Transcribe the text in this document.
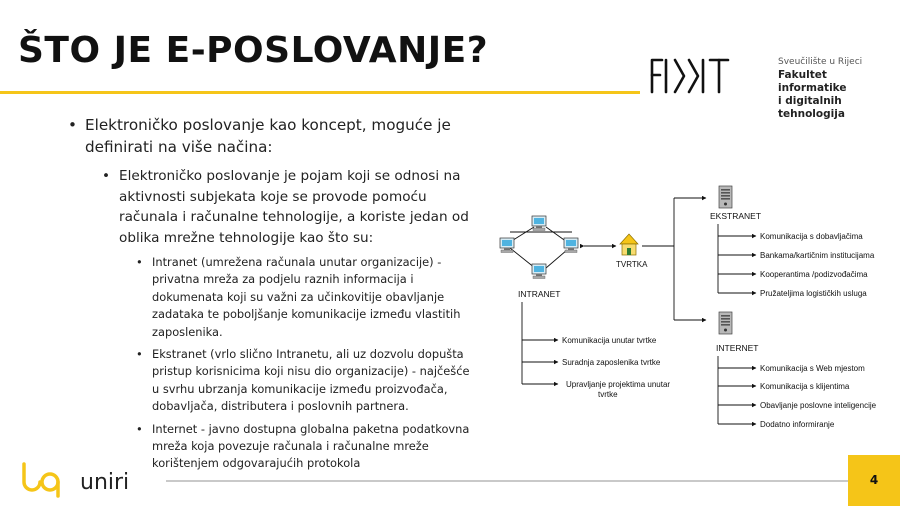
ŠTO JE E-POSLOVANJE?	Sveučilište u Rijeci
Fakultet informatike
i digitalnih tehnologija

• Elektroničko poslovanje kao koncept, moguće je definirati na više načina:

• Elektroničko poslovanje je pojam koji se odnosi na aktivnosti subjekata koje se provode pomoću računala i računalne tehnologije, a koriste jedan od oblika mrežne tehnologije kao što su:

• Intranet (umrežena računala unutar organizacije) - privatna mreža za podjelu raznih informacija i dokumenata koji su važni za učinkovitije obavljanje zadataka te poboljšanje komunikacije između vlastitih zaposlenika.

• Ekstranet (vrlo slično Intranetu, ali uz dozvolu dopušta pristup korisnicima koji nisu dio organizacije) - najčešće u svrhu ubrzanja komunikacije između proizvođača, dobavljača, distributera i poslovnih partnera.

• Internet - javno dostupna globalna paketna podatkovna mreža koja povezuje računala i računalne mreže korištenjem odgovarajućih protokola

INTRANET
TVRTKA
EKSTRANET
Komunikacija s dobavljačima
Bankama/kartičnim institucijama
Kooperantima /podizvođačima
Pružateljima logističkih usluga
INTERNET
Komunikacija s Web mjestom
Komunikacija s klijentima
Obavljanje poslovne inteligencije
Dodatno informiranje
Komunikacija unutar tvrtke
Suradnja zaposlenika tvrtke
Upravljanje projektima unutar
tvrtke
uniri	4
